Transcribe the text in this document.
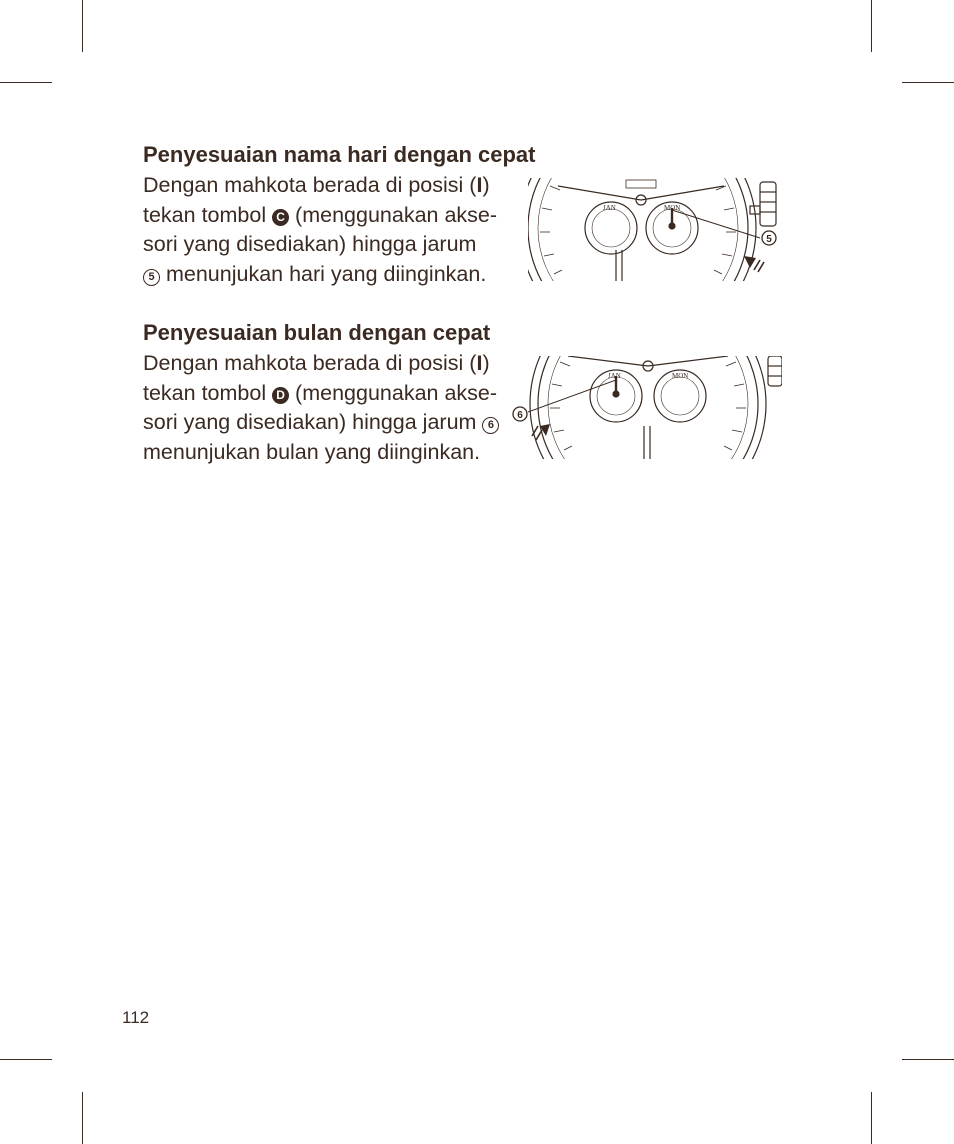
Penyesuaian nama hari dengan cepat

Dengan mahkota berada di posisi (I)
tekan tombol C (menggunakan akse-
sori yang disediakan) hingga jarum
5 menunjukan hari yang diinginkan.

Penyesuaian bulan dengan cepat

Dengan mahkota berada di posisi (I)
tekan tombol D (menggunakan akse-
sori yang disediakan) hingga jarum 6
menunjukan bulan yang diinginkan.

JAN	MON
5
JAN	MON
6
112
